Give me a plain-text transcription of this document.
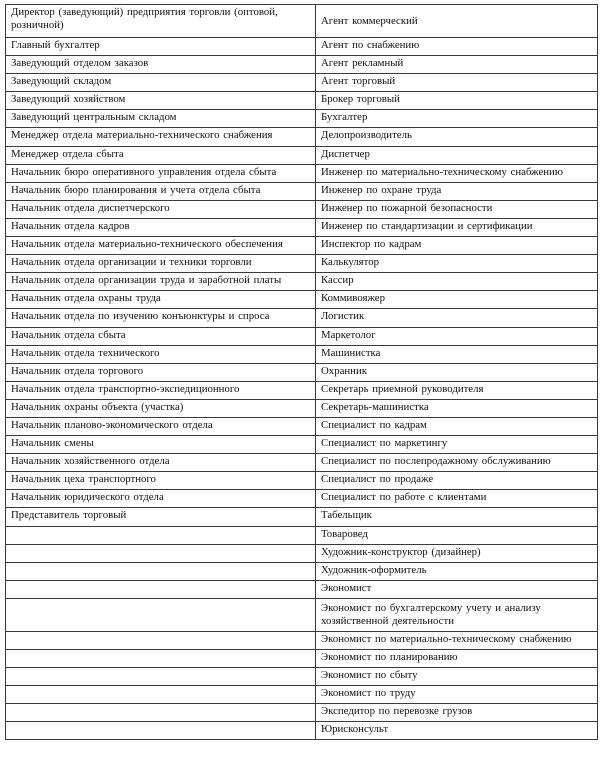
Директор (заведующий) предприятия торговли (оптовой, розничной)	Агент коммерческий
Главный бухгалтер	Агент по снабжению
Заведующий отделом заказов	Агент рекламный
Заведующий складом	Агент торговый
Заведующий хозяйством	Брокер торговый
Заведующий центральным складом	Бухгалтер
Менеджер отдела материально-технического снабжения	Делопроизводитель
Менеджер отдела сбыта	Диспетчер
Начальник бюро оперативного управления отдела сбыта	Инженер по материально-техническому снабжению
Начальник бюро планирования и учета отдела сбыта	Инженер по охране труда
Начальник отдела диспетчерского	Инженер по пожарной безопасности
Начальник отдела кадров	Инженер по стандартизации и сертификации
Начальник отдела материально-технического обеспечения	Инспектор по кадрам
Начальник отдела организации и техники торговли	Калькулятор
Начальник отдела организации труда и заработной платы	Кассир
Начальник отдела охраны труда	Коммивояжер
Начальник отдела по изучению конъюнктуры и спроса	Логистик
Начальник отдела сбыта	Маркетолог
Начальник отдела технического	Машинистка
Начальник отдела торгового	Охранник
Начальник отдела транспортно-экспедиционного	Секретарь приемной руководителя
Начальник охраны объекта (участка)	Секретарь-машинистка
Начальник планово-экономического отдела	Специалист по кадрам
Начальник смены	Специалист по маркетингу
Начальник хозяйственного отдела	Специалист по послепродажному обслуживанию
Начальник цеха транспортного	Специалист по продаже
Начальник юридического отдела	Специалист по работе с клиентами
Представитель торговый	Табельщик
	Товаровед
	Художник-конструктор (дизайнер)
	Художник-оформитель
	Экономист
	Экономист по бухгалтерскому учету и анализу хозяйственной деятельности
	Экономист по материально-техническому снабжению
	Экономист по планированию
	Экономист по сбыту
	Экономист по труду
	Экспедитор по перевозке грузов
	Юрисконсульт
